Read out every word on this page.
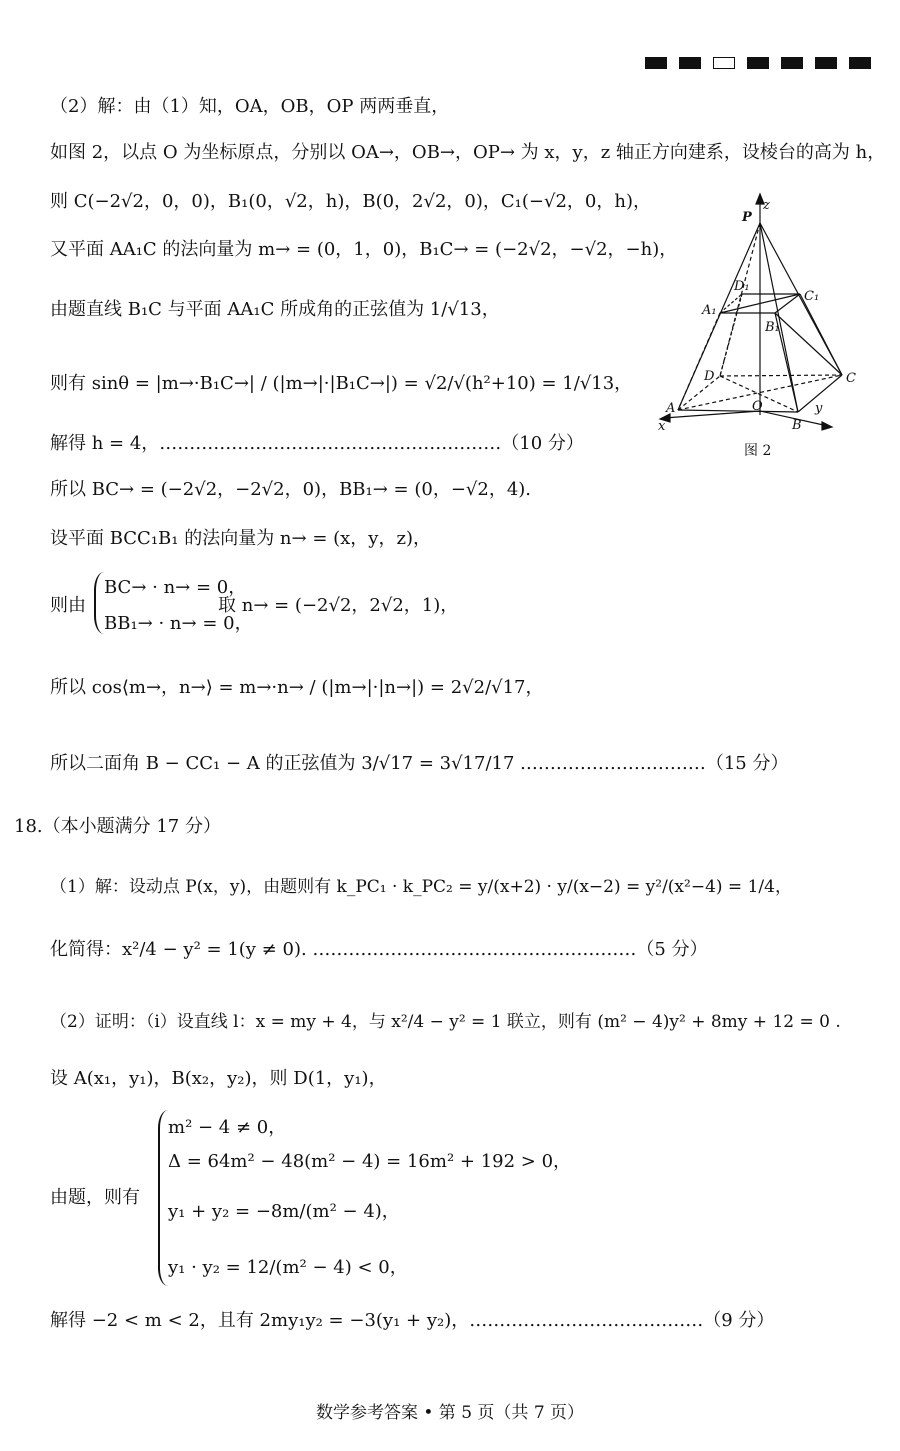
（2）解：由（1）知，OA，OB，OP 两两垂直，
如图 2，以点 O 为坐标原点，分别以 OA→，OB→，OP→ 为 x，y，z 轴正方向建系，设棱台的高为 h，
则 C(−2√2，0，0)，B₁(0，√2，h)，B(0，2√2，0)，C₁(−√2，0，h)，
又平面 AA₁C 的法向量为 m→ = (0，1，0)，B₁C→ = (−2√2，−√2，−h)，
由题直线 B₁C 与平面 AA₁C 所成角的正弦值为 1/√13，
则有 sinθ = |m→·B₁C→| / (|m→|·|B₁C→|) = √2/√(h²+10) = 1/√13，
解得 h = 4，…………………………………………………（10 分）
所以 BC→ = (−2√2，−2√2，0)，BB₁→ = (0，−√2，4).
设平面 BCC₁B₁ 的法向量为 n→ = (x，y，z)，
BC→ · n→ = 0，
BB₁→ · n→ = 0，
则由	取 n→ = (−2√2，2√2，1)，
所以 cos⟨m→，n→⟩ = m→·n→ / (|m→|·|n→|) = 2√2/√17，
所以二面角 B − CC₁ − A 的正弦值为 3/√17 = 3√17/17 .…………………………（15 分）
18.（本小题满分 17 分）
（1）解：设动点 P(x，y)，由题则有 k_PC₁ · k_PC₂ = y/(x+2) · y/(x−2) = y²/(x²−4) = 1/4，
化简得：x²/4 − y² = 1(y ≠ 0). ………………………………………………（5 分）
（2）证明：（ⅰ）设直线 l：x = my + 4，与 x²/4 − y² = 1 联立，则有 (m² − 4)y² + 8my + 12 = 0 .
设 A(x₁，y₁)，B(x₂，y₂)，则 D(1，y₁)，
m² − 4 ≠ 0，
Δ = 64m² − 48(m² − 4) = 16m² + 192 > 0，
y₁ + y₂ = −8m/(m² − 4)，
y₁ · y₂ = 12/(m² − 4) < 0，
由题，则有
解得 −2 < m < 2，且有 2my₁y₂ = −3(y₁ + y₂)，…………………………………（9 分）
P
z
D₁
C₁
A₁
B₁
D	C
A	O	y
x	B
图 2
数学参考答案 • 第 5 页（共 7 页）
